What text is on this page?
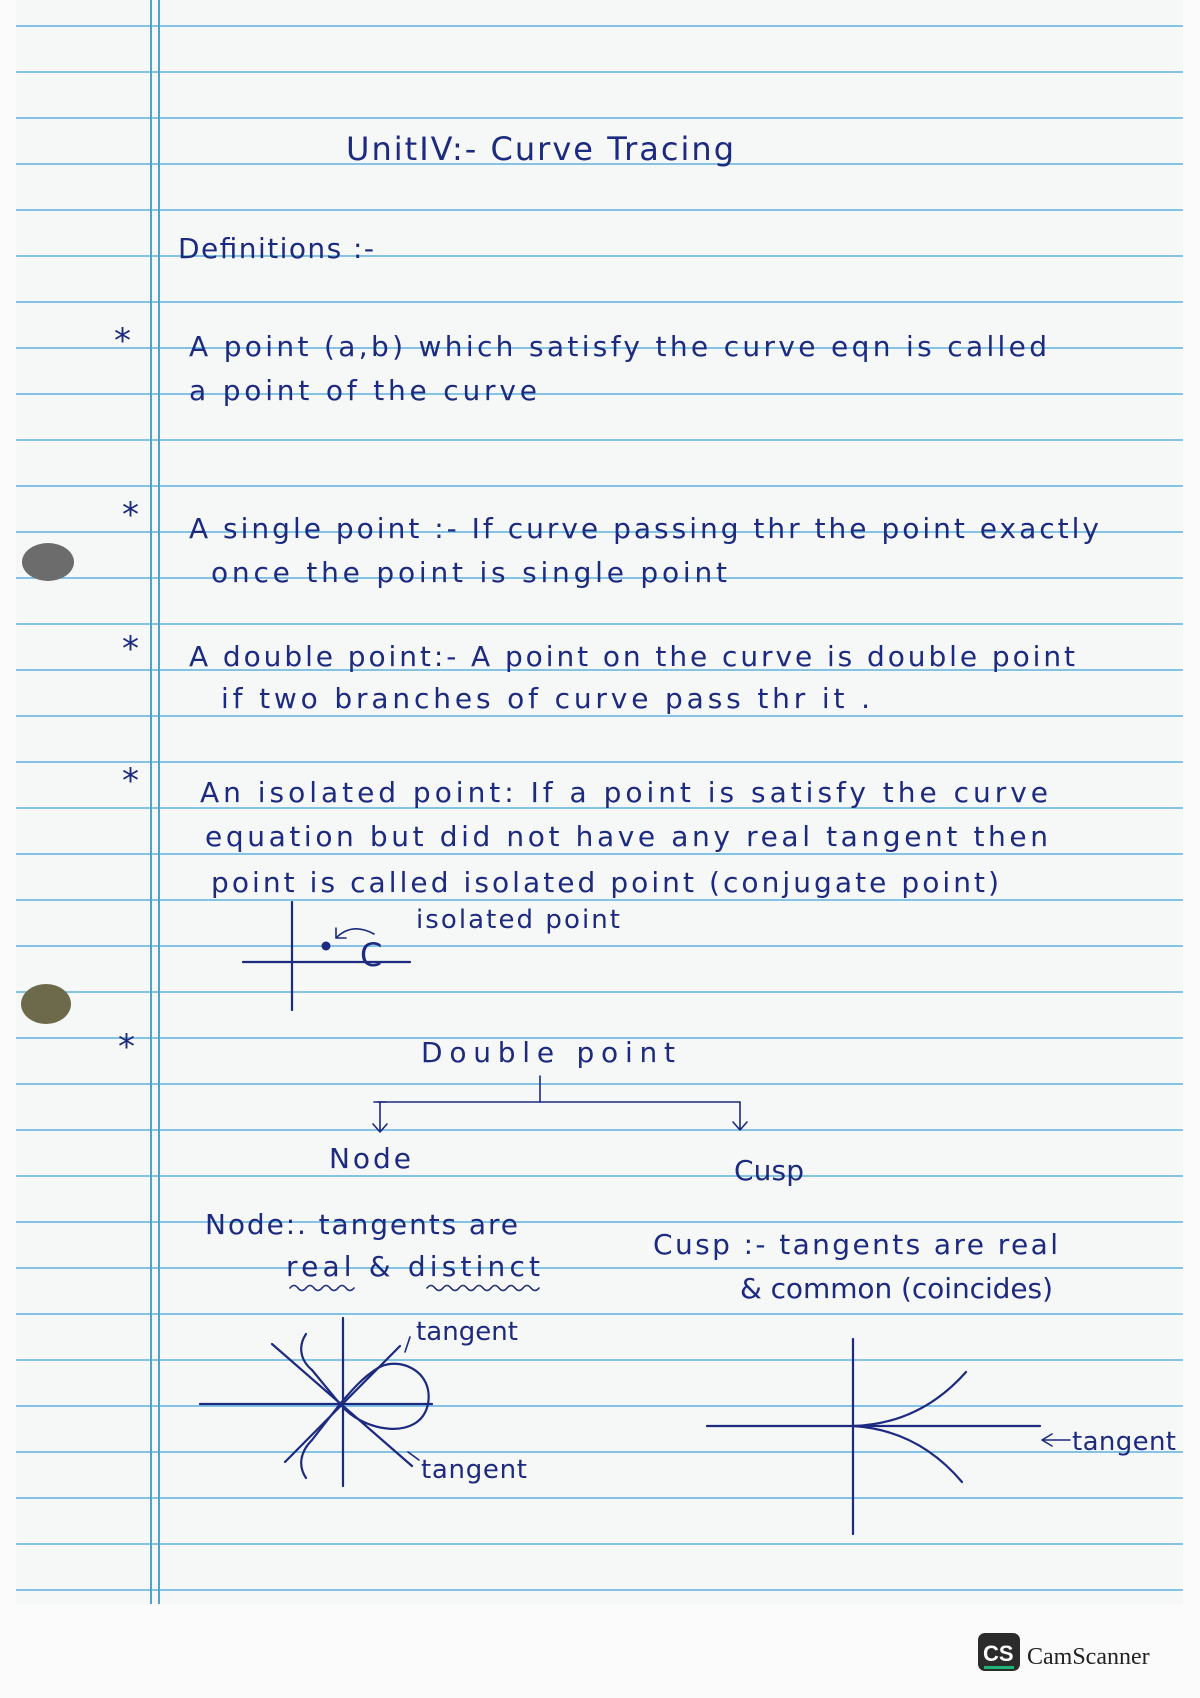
UnitIV:- Curve Tracing
Definitions :-
*
*
*
*
*
A point (a,b) which satisfy the curve eqn is called
a point of the curve
A single point :- If curve passing thr the point exactly
once the point is single point
A double point:- A point on the curve is double point
if two branches of curve pass thr it .
An isolated point: If a point is satisfy the curve
equation but did not have any real tangent then
point is called isolated point (conjugate point)
C
isolated point
Double point
Node	Cusp
Node:. tangents are
real & distinct
Cusp :- tangents are real
& common (coincides)
tangent
tangent
tangent
CS CamScanner
